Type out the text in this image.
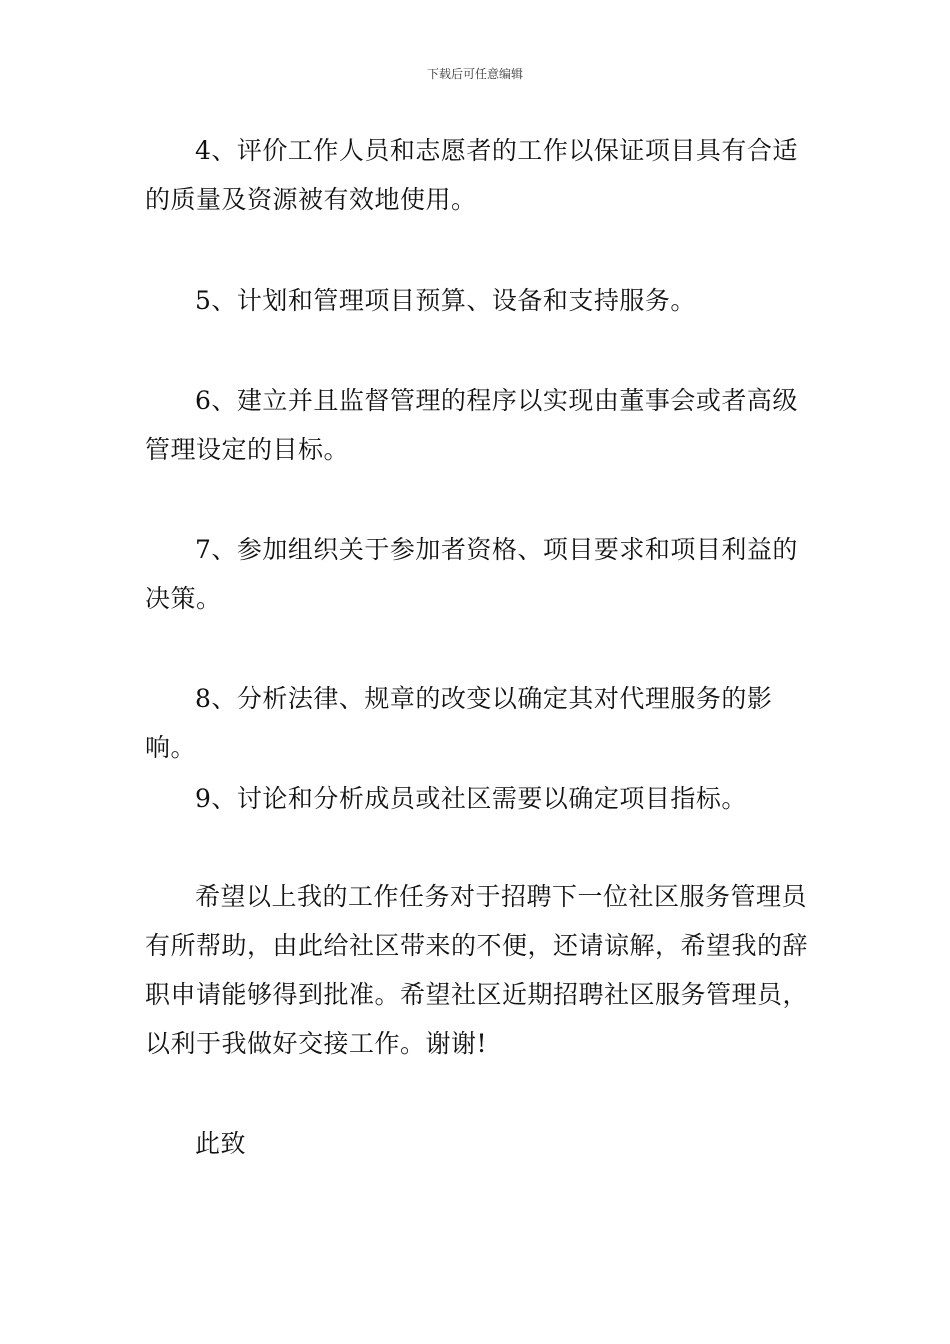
下载后可任意编辑

4、评价工作人员和志愿者的工作以保证项目具有合适的质量及资源被有效地使用。

5、计划和管理项目预算、设备和支持服务。

6、建立并且监督管理的程序以实现由董事会或者高级管理设定的目标。

7、参加组织关于参加者资格、项目要求和项目利益的决策。

8、分析法律、规章的改变以确定其对代理服务的影响。

9、讨论和分析成员或社区需要以确定项目指标。

希望以上我的工作任务对于招聘下一位社区服务管理员有所帮助，由此给社区带来的不便，还请谅解，希望我的辞职申请能够得到批准。希望社区近期招聘社区服务管理员，以利于我做好交接工作。谢谢!

此致
